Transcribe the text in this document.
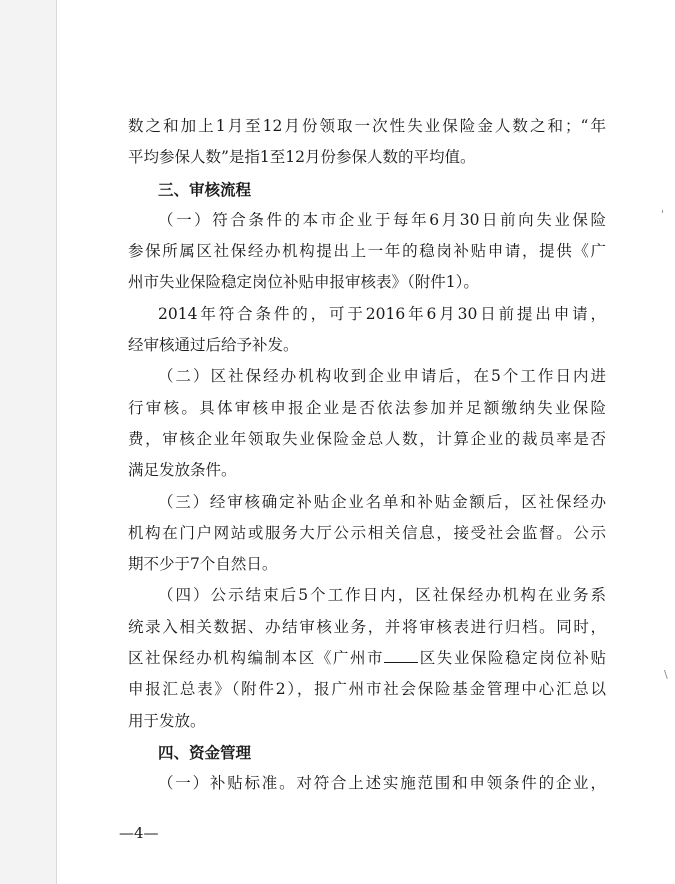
数之和加上1月至12月份领取一次性失业保险金人数之和；“年
平均参保人数”是指1至12月份参保人数的平均值。
三、审核流程
（一）符合条件的本市企业于每年6月30日前向失业保险
参保所属区社保经办机构提出上一年的稳岗补贴申请，提供《广
州市失业保险稳定岗位补贴申报审核表》（附件1）。
2014年符合条件的，可于2016年6月30日前提出申请，
经审核通过后给予补发。
（二）区社保经办机构收到企业申请后，在5个工作日内进
行审核。具体审核申报企业是否依法参加并足额缴纳失业保险
费，审核企业年领取失业保险金总人数，计算企业的裁员率是否
满足发放条件。
（三）经审核确定补贴企业名单和补贴金额后，区社保经办
机构在门户网站或服务大厅公示相关信息，接受社会监督。公示
期不少于7个自然日。
（四）公示结束后5个工作日内，区社保经办机构在业务系
统录入相关数据、办结审核业务，并将审核表进行归档。同时，
区社保经办机构编制本区《广州市 区失业保险稳定岗位补贴
申报汇总表》（附件2），报广州市社会保险基金管理中心汇总以
用于发放。
四、资金管理
（一）补贴标准。对符合上述实施范围和申领条件的企业，
—4—
'
\
